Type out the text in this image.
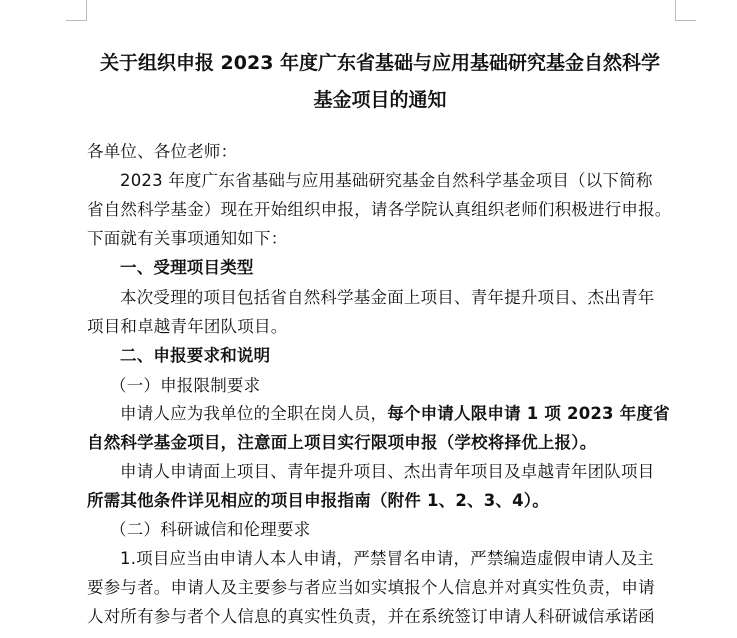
关于组织申报 2023 年度广东省基础与应用基础研究基金自然科学
基金项目的通知
各单位、各位老师：
2023 年度广东省基础与应用基础研究基金自然科学基金项目（以下简称
省自然科学基金）现在开始组织申报，请各学院认真组织老师们积极进行申报。
下面就有关事项通知如下：
一、受理项目类型
本次受理的项目包括省自然科学基金面上项目、青年提升项目、杰出青年
项目和卓越青年团队项目。
二、申报要求和说明
（一）申报限制要求
申请人应为我单位的全职在岗人员，每个申请人限申请 1 项 2023 年度省
自然科学基金项目，注意面上项目实行限项申报（学校将择优上报）。
申请人申请面上项目、青年提升项目、杰出青年项目及卓越青年团队项目
所需其他条件详见相应的项目申报指南（附件 1、2、3、4）。
（二）科研诚信和伦理要求
1.项目应当由申请人本人申请，严禁冒名申请，严禁编造虚假申请人及主
要参与者。申请人及主要参与者应当如实填报个人信息并对真实性负责，申请
人对所有参与者个人信息的真实性负责，并在系统签订申请人科研诚信承诺函
